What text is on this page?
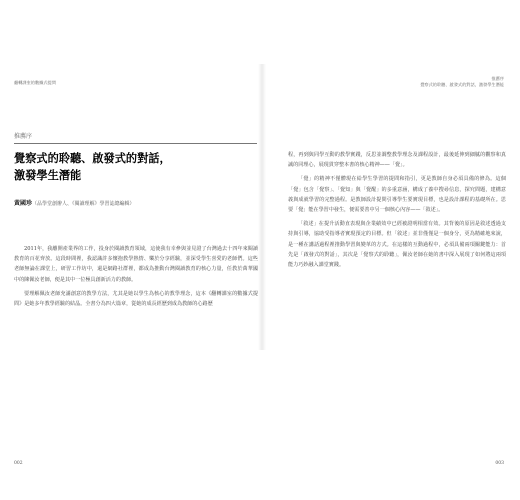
翻轉課室的數據式提問
推薦序
覺察式的聆聽、啟發式的對話，激發學生潛能
推薦序
覺察式的聆聽、啟發式的對話，
激發學生潛能
黃國珍（品學堂創辦人、《閱讀理解》學習誌總編輯）

2011年，我離開產業界的工作，投身於閱讀教育領域，這使我有幸參與並見證了台灣過去十四年來閱讀教育的百花齊放。這段時間裡，我認識許多懷抱教學熱情、樂於分享經驗，並深受學生喜愛的老師們。這些老師無論在課堂上，研習工作坊中，還是網路社群裡，都成為推動台灣閱讀教育的核心力量，任教於萬華國中的陳佩汝老師，便是其中一位極具創新活力的教師。

要理解佩汝老師充滿創意的教學方法，尤其是她以學生為核心的教學理念，這本《翻轉課室的數據式提問》是她多年教學經驗的結晶。全書分為四大篇章，從她的成長經歷到成為教師的心路歷

程，再到與同學互動的教學實踐，反思並調整教學理念及課程設計，最後延伸到細膩的觀察和真誠的同理心，展現貫穿整本書的核心精神——「覺」。

「覺」的精神不僅體現在給學生學習的提問和指引，更是教師自身必須具備的修為。這個「覺」包含「覺察」、「覺知」與「覺醒」的多重意涵，構成了養中搜尋信息，探究問題，建構意義與成就學習的完整過程。是教師設計提問引導學生要實現目標，也是設計課程的基礎所在。思要「覺」能在學習中發生，便需要善中另一個核心內容——「敘述」。

「敘述」在提升活動直表現與企業績效中已經被證明相當有效。其背後的原因是敘述透過支持與引導，協助受指導者實現預定的目標。但「敘述」並非僅僅是一個身分，更為精確地來說，是一種在講話過程裡推動學習與變革的方式。在這樣的互動過程中，必須具備兩項關鍵能力：首先是「啟發式的對話」，其次是「覺察式的聆聽」，佩汝老師在她的書中深入展現了如何將這兩項能力巧妙融入課堂實踐。

002	003
